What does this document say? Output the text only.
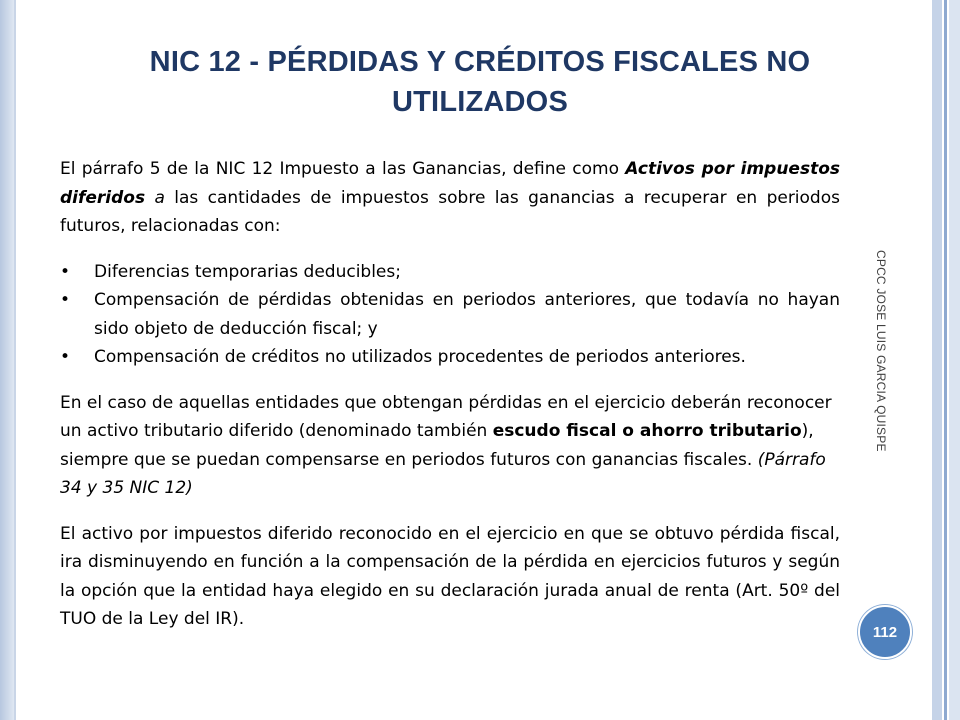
NIC 12 - PÉRDIDAS Y CRÉDITOS FISCALES NO UTILIZADOS

El párrafo 5 de la NIC 12 Impuesto a las Ganancias, define como Activos por impuestos diferidos a las cantidades de impuestos sobre las ganancias a recuperar en periodos futuros, relacionadas con:

• Diferencias temporarias deducibles;
• Compensación de pérdidas obtenidas en periodos anteriores, que todavía no hayan sido objeto de deducción fiscal; y
• Compensación de créditos no utilizados procedentes de periodos anteriores.

En el caso de aquellas entidades que obtengan pérdidas en el ejercicio deberán reconocer un activo tributario diferido (denominado también escudo fiscal o ahorro tributario), siempre que se puedan compensarse en periodos futuros con ganancias fiscales. (Párrafo 34 y 35 NIC 12)

El activo por impuestos diferido reconocido en el ejercicio en que se obtuvo pérdida fiscal, ira disminuyendo en función a la compensación de la pérdida en ejercicios futuros y según la opción que la entidad haya elegido en su declaración jurada anual de renta (Art. 50º del TUO de la Ley del IR).

CPCC JOSE LUIS GARCIA QUISPE
112
